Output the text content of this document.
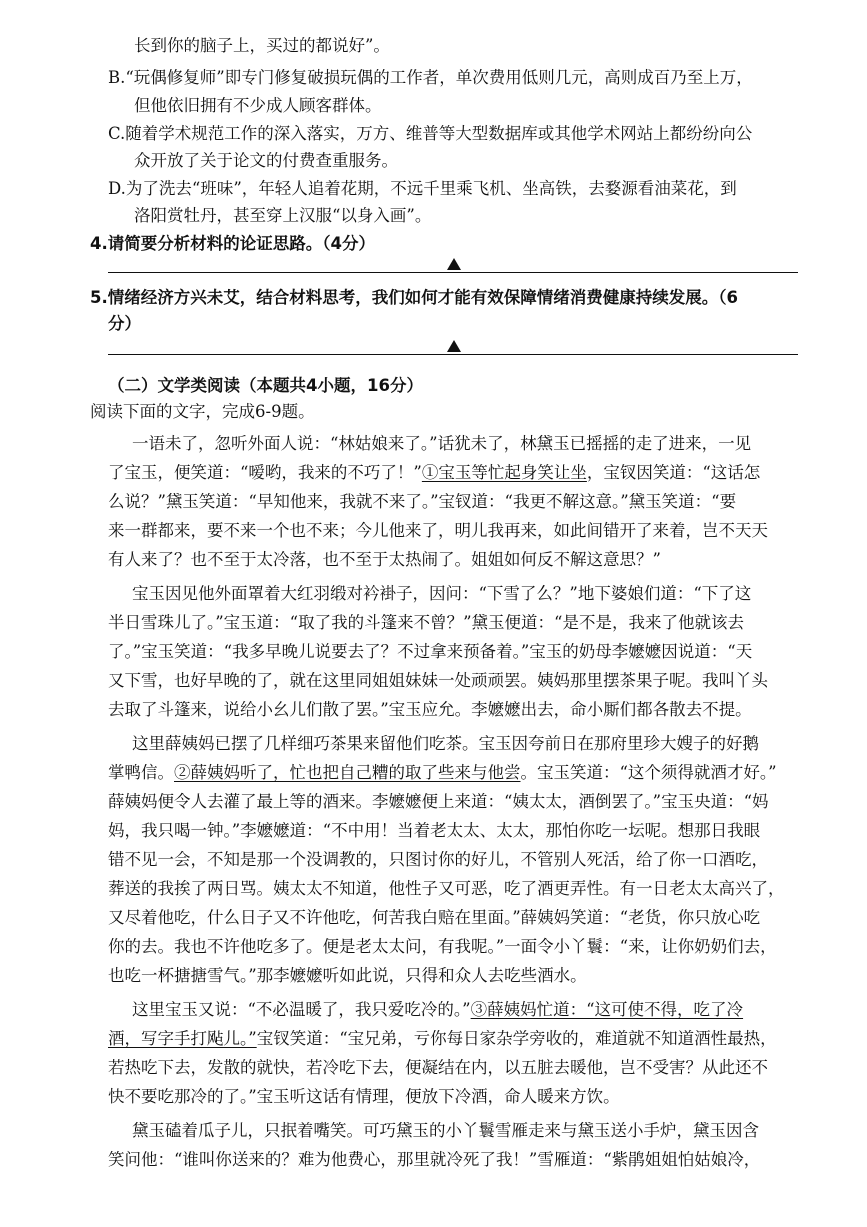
长到你的脑子上，买过的都说好”。
B.“玩偶修复师”即专门修复破损玩偶的工作者，单次费用低则几元，高则成百乃至上万，
但他依旧拥有不少成人顾客群体。
C.随着学术规范工作的深入落实，万方、维普等大型数据库或其他学术网站上都纷纷向公
众开放了关于论文的付费查重服务。
D.为了洗去“班味”，年轻人追着花期，不远千里乘飞机、坐高铁，去婺源看油菜花，到
洛阳赏牡丹，甚至穿上汉服“以身入画”。
4.请简要分析材料的论证思路。（4分）
5.情绪经济方兴未艾，结合材料思考，我们如何才能有效保障情绪消费健康持续发展。（6
分）
（二）文学类阅读（本题共4小题，16分）
阅读下面的文字，完成6-9题。
一语未了，忽听外面人说：“林姑娘来了。”话犹未了，林黛玉已摇摇的走了进来，一见
了宝玉，便笑道：“嗳哟，我来的不巧了！”①宝玉等忙起身笑让坐，宝钗因笑道：“这话怎
么说？”黛玉笑道：“早知他来，我就不来了。”宝钗道：“我更不解这意。”黛玉笑道：“要
来一群都来，要不来一个也不来；今儿他来了，明儿我再来，如此间错开了来着，岂不天天
有人来了？也不至于太冷落，也不至于太热闹了。姐姐如何反不解这意思？”
宝玉因见他外面罩着大红羽缎对衿褂子，因问：“下雪了么？”地下婆娘们道：“下了这
半日雪珠儿了。”宝玉道：“取了我的斗篷来不曾？”黛玉便道：“是不是，我来了他就该去
了。”宝玉笑道：“我多早晚儿说要去了？不过拿来预备着。”宝玉的奶母李嬷嬷因说道：“天
又下雪，也好早晚的了，就在这里同姐姐妹妹一处顽顽罢。姨妈那里摆茶果子呢。我叫丫头
去取了斗篷来，说给小幺儿们散了罢。”宝玉应允。李嬷嬷出去，命小厮们都各散去不提。
这里薛姨妈已摆了几样细巧茶果来留他们吃茶。宝玉因夸前日在那府里珍大嫂子的好鹅
掌鸭信。②薛姨妈听了，忙也把自己糟的取了些来与他尝。宝玉笑道：“这个须得就酒才好。”
薛姨妈便令人去灌了最上等的酒来。李嬷嬷便上来道：“姨太太，酒倒罢了。”宝玉央道：“妈
妈，我只喝一钟。”李嬷嬷道：“不中用！当着老太太、太太，那怕你吃一坛呢。想那日我眼
错不见一会，不知是那一个没调教的，只图讨你的好儿，不管别人死活，给了你一口酒吃，
葬送的我挨了两日骂。姨太太不知道，他性子又可恶，吃了酒更弄性。有一日老太太高兴了，
又尽着他吃，什么日子又不许他吃，何苦我白赔在里面。”薛姨妈笑道：“老货，你只放心吃
你的去。我也不许他吃多了。便是老太太问，有我呢。”一面令小丫鬟：“来，让你奶奶们去，
也吃一杯搪搪雪气。”那李嬷嬷听如此说，只得和众人去吃些酒水。
这里宝玉又说：“不必温暖了，我只爱吃冷的。”③薛姨妈忙道：“这可使不得，吃了冷
酒，写字手打飐儿。”宝钗笑道：“宝兄弟，亏你每日家杂学旁收的，难道就不知道酒性最热，
若热吃下去，发散的就快，若冷吃下去，便凝结在内，以五脏去暖他，岂不受害？从此还不
快不要吃那冷的了。”宝玉听这话有情理，便放下冷酒，命人暖来方饮。
黛玉磕着瓜子儿，只抿着嘴笑。可巧黛玉的小丫鬟雪雁走来与黛玉送小手炉，黛玉因含
笑问他：“谁叫你送来的？难为他费心，那里就冷死了我！”雪雁道：“紫鹃姐姐怕姑娘冷，
